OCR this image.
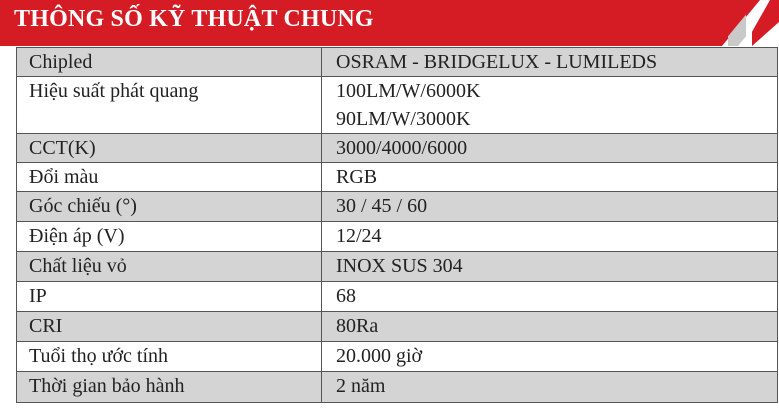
THÔNG SỐ KỸ THUẬT CHUNG
Chipled	OSRAM - BRIDGELUX - LUMILEDS

Hiệu suất phát quang	100LM/W/6000K
90LM/W/3000K

CCT(K)	3000/4000/6000

Đổi màu	RGB

Góc chiếu (°)	30 / 45 / 60

Điện áp (V)	12/24

Chất liệu vỏ	INOX SUS 304

IP	68

CRI	80Ra

Tuổi thọ ước tính	20.000 giờ

Thời gian bảo hành	2 năm
